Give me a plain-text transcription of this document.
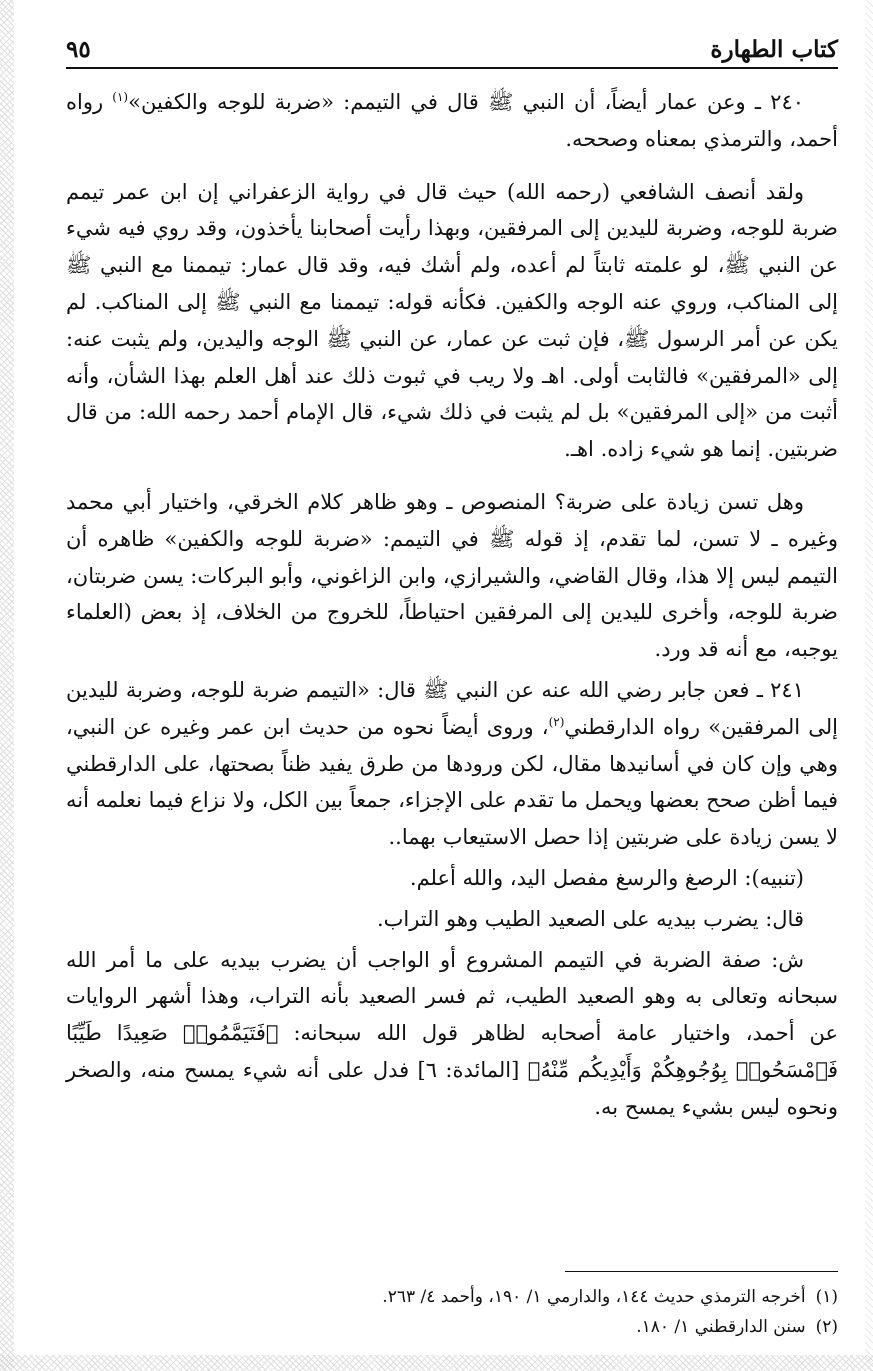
كتاب الطهارة
٩٥

٢٤٠ ـ وعن عمار أيضاً، أن النبي ﷺ قال في التيمم: «ضربة للوجه والكفين»$^{(١)}$ رواه أحمد، والترمذي بمعناه وصححه.

ولقد أنصف الشافعي (رحمه الله) حيث قال في رواية الزعفراني إن ابن عمر تيمم ضربة للوجه، وضربة لليدين إلى المرفقين، وبهذا رأيت أصحابنا يأخذون، وقد روي فيه شيء عن النبي ﷺ، لو علمته ثابتاً لم أعده، ولم أشك فيه، وقد قال عمار: تيممنا مع النبي ﷺ إلى المناكب، وروي عنه الوجه والكفين. فكأنه قوله: تيممنا مع النبي ﷺ إلى المناكب. لم يكن عن أمر الرسول ﷺ، فإن ثبت عن عمار، عن النبي ﷺ الوجه واليدين، ولم يثبت عنه: إلى «المرفقين» فالثابت أولى. اهـ ولا ريب في ثبوت ذلك عند أهل العلم بهذا الشأن، وأنه أثبت من «إلى المرفقين» بل لم يثبت في ذلك شيء، قال الإمام أحمد رحمه الله: من قال ضربتين. إنما هو شيء زاده. اهـ.

وهل تسن زيادة على ضربة؟ المنصوص ـ وهو ظاهر كلام الخرقي، واختيار أبي محمد وغيره ـ لا تسن، لما تقدم، إذ قوله ﷺ في التيمم: «ضربة للوجه والكفين» ظاهره أن التيمم ليس إلا هذا، وقال القاضي، والشيرازي، وابن الزاغوني، وأبو البركات: يسن ضربتان، ضربة للوجه، وأخرى لليدين إلى المرفقين احتياطاً، للخروج من الخلاف، إذ بعض (العلماء يوجبه، مع أنه قد ورد.

٢٤١ ـ فعن جابر رضي الله عنه عن النبي ﷺ قال: «التيمم ضربة للوجه، وضربة لليدين إلى المرفقين» رواه الدارقطني$^{(٢)}$، وروى أيضاً نحوه من حديث ابن عمر وغيره عن النبي، وهي وإن كان في أسانيدها مقال، لكن ورودها من طرق يفيد ظناً بصحتها، على الدارقطني فيما أظن صحح بعضها ويحمل ما تقدم على الإجزاء، جمعاً بين الكل، ولا نزاع فيما نعلمه أنه لا يسن زيادة على ضربتين إذا حصل الاستيعاب بهما..

(تنبيه): الرصغ والرسغ مفصل اليد، والله أعلم.

قال: يضرب بيديه على الصعيد الطيب وهو التراب.

ش: صفة الضربة في التيمم المشروع أو الواجب أن يضرب بيديه على ما أمر الله سبحانه وتعالى به وهو الصعيد الطيب، ثم فسر الصعيد بأنه التراب، وهذا أشهر الروايات عن أحمد، واختيار عامة أصحابه لظاهر قول الله سبحانه: ﴿فَتَيَمَّمُوا۟ صَعِيدًا طَيِّبًا فَٱمْسَحُوا۟ بِوُجُوهِكُمْ وَأَيْدِيكُم مِّنْهُ﴾ [المائدة: ٦] فدل على أنه شيء يمسح منه، والصخر ونحوه ليس بشيء يمسح به.

(١)
أخرجه الترمذي حديث ١٤٤، والدارمي ١/ ١٩٠، وأحمد ٤/ ٢٦٣.
(٢)
سنن الدارقطني ١/ ١٨٠.
